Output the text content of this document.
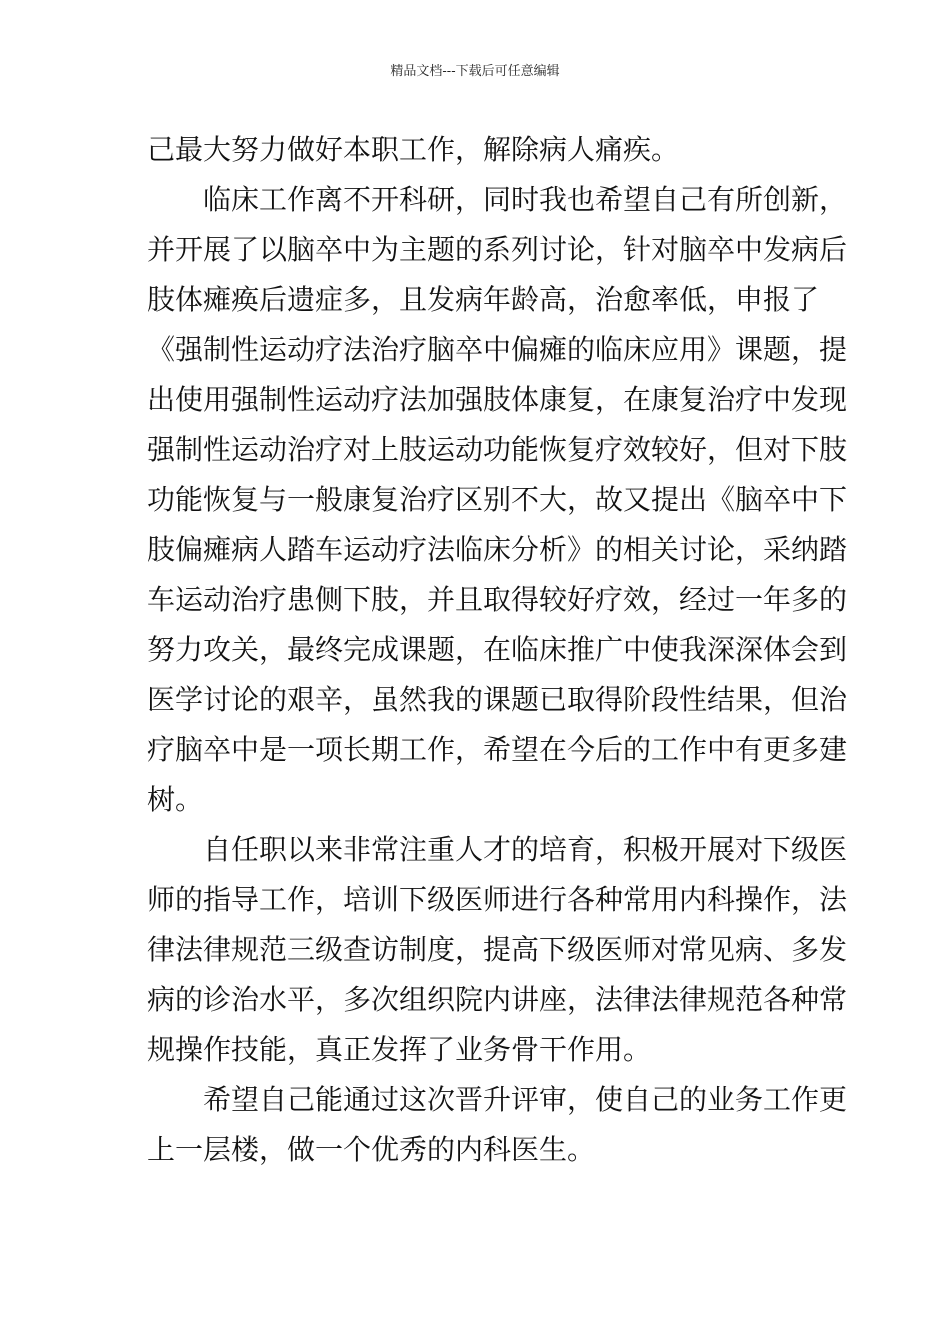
精品文档---下载后可任意编辑
己最大努力做好本职工作，解除病人痛疾。
临床工作离不开科研，同时我也希望自己有所创新，
并开展了以脑卒中为主题的系列讨论，针对脑卒中发病后
肢体瘫痪后遗症多，且发病年龄高，治愈率低，申报了
《强制性运动疗法治疗脑卒中偏瘫的临床应用》课题，提
出使用强制性运动疗法加强肢体康复，在康复治疗中发现
强制性运动治疗对上肢运动功能恢复疗效较好，但对下肢
功能恢复与一般康复治疗区别不大，故又提出《脑卒中下
肢偏瘫病人踏车运动疗法临床分析》的相关讨论，采纳踏
车运动治疗患侧下肢，并且取得较好疗效，经过一年多的
努力攻关，最终完成课题，在临床推广中使我深深体会到
医学讨论的艰辛，虽然我的课题已取得阶段性结果，但治
疗脑卒中是一项长期工作，希望在今后的工作中有更多建
树。
自任职以来非常注重人才的培育，积极开展对下级医
师的指导工作，培训下级医师进行各种常用内科操作，法
律法律规范三级查访制度，提高下级医师对常见病、多发
病的诊治水平，多次组织院内讲座，法律法律规范各种常
规操作技能，真正发挥了业务骨干作用。
希望自己能通过这次晋升评审，使自己的业务工作更
上一层楼，做一个优秀的内科医生。
